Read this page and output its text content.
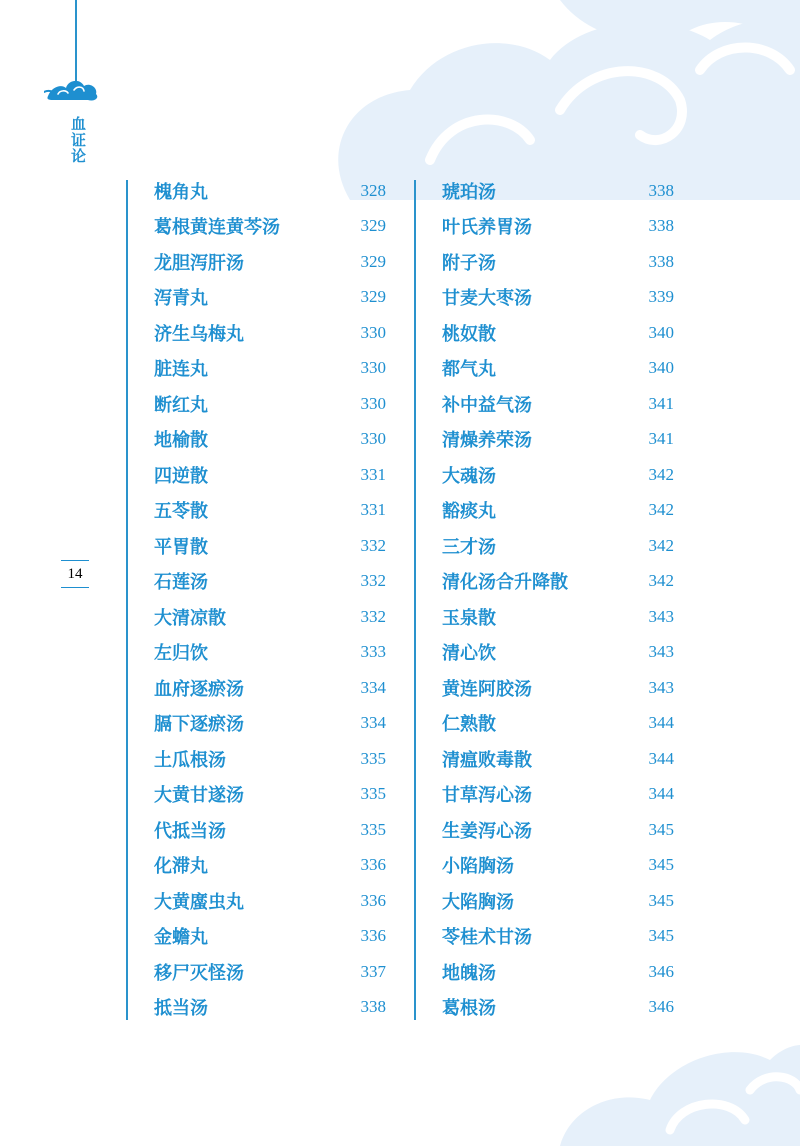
血证论
14
槐角丸	328
葛根黄连黄芩汤	329
龙胆泻肝汤	329
泻青丸	329
济生乌梅丸	330
脏连丸	330
断红丸	330
地榆散	330
四逆散	331
五苓散	331
平胃散	332
石莲汤	332
大清凉散	332
左归饮	333
血府逐瘀汤	334
膈下逐瘀汤	334
土瓜根汤	335
大黄甘遂汤	335
代抵当汤	335
化滞丸	336
大黄䗪虫丸	336
金蟾丸	336
移尸灭怪汤	337
抵当汤	338
琥珀汤	338
叶氏养胃汤	338
附子汤	338
甘麦大枣汤	339
桃奴散	340
都气丸	340
补中益气汤	341
清燥养荣汤	341
大魂汤	342
豁痰丸	342
三才汤	342
清化汤合升降散	342
玉泉散	343
清心饮	343
黄连阿胶汤	343
仁熟散	344
清瘟败毒散	344
甘草泻心汤	344
生姜泻心汤	345
小陷胸汤	345
大陷胸汤	345
苓桂术甘汤	345
地魄汤	346
葛根汤	346
